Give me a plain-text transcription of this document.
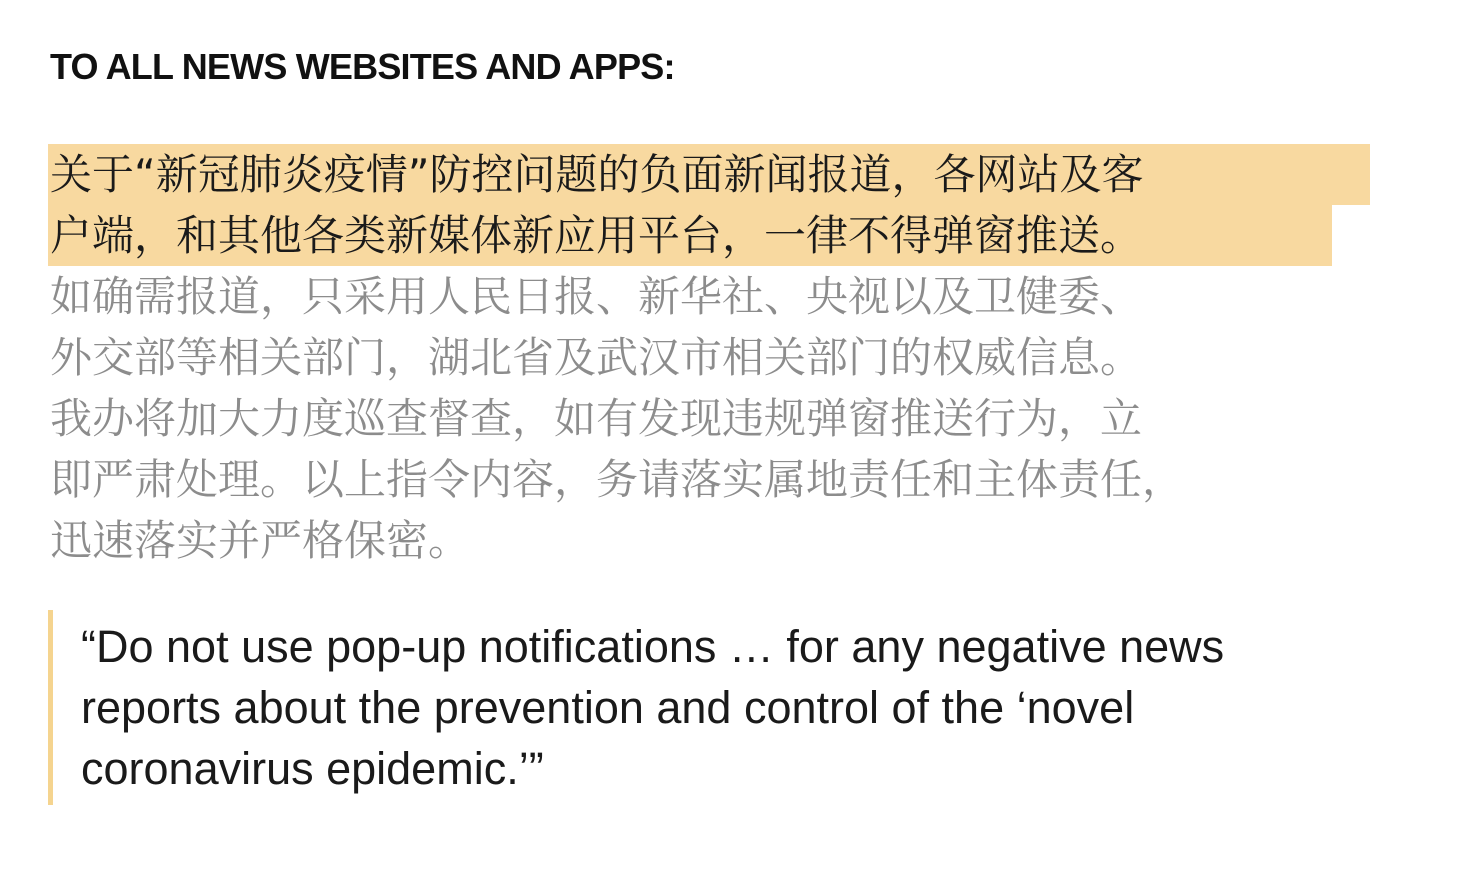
TO ALL NEWS WEBSITES AND APPS:
关于“新冠肺炎疫情”防控问题的负面新闻报道，各网站及客
户端，和其他各类新媒体新应用平台，一律不得弹窗推送。
如确需报道，只采用人民日报、新华社、央视以及卫健委、
外交部等相关部门，湖北省及武汉市相关部门的权威信息。
我办将加大力度巡查督查，如有发现违规弹窗推送行为，立
即严肃处理。以上指令内容，务请落实属地责任和主体责任，
迅速落实并严格保密。

“Do not use pop-up notifications … for any negative news reports about the prevention and control of the ‘novel coronavirus epidemic.’”
